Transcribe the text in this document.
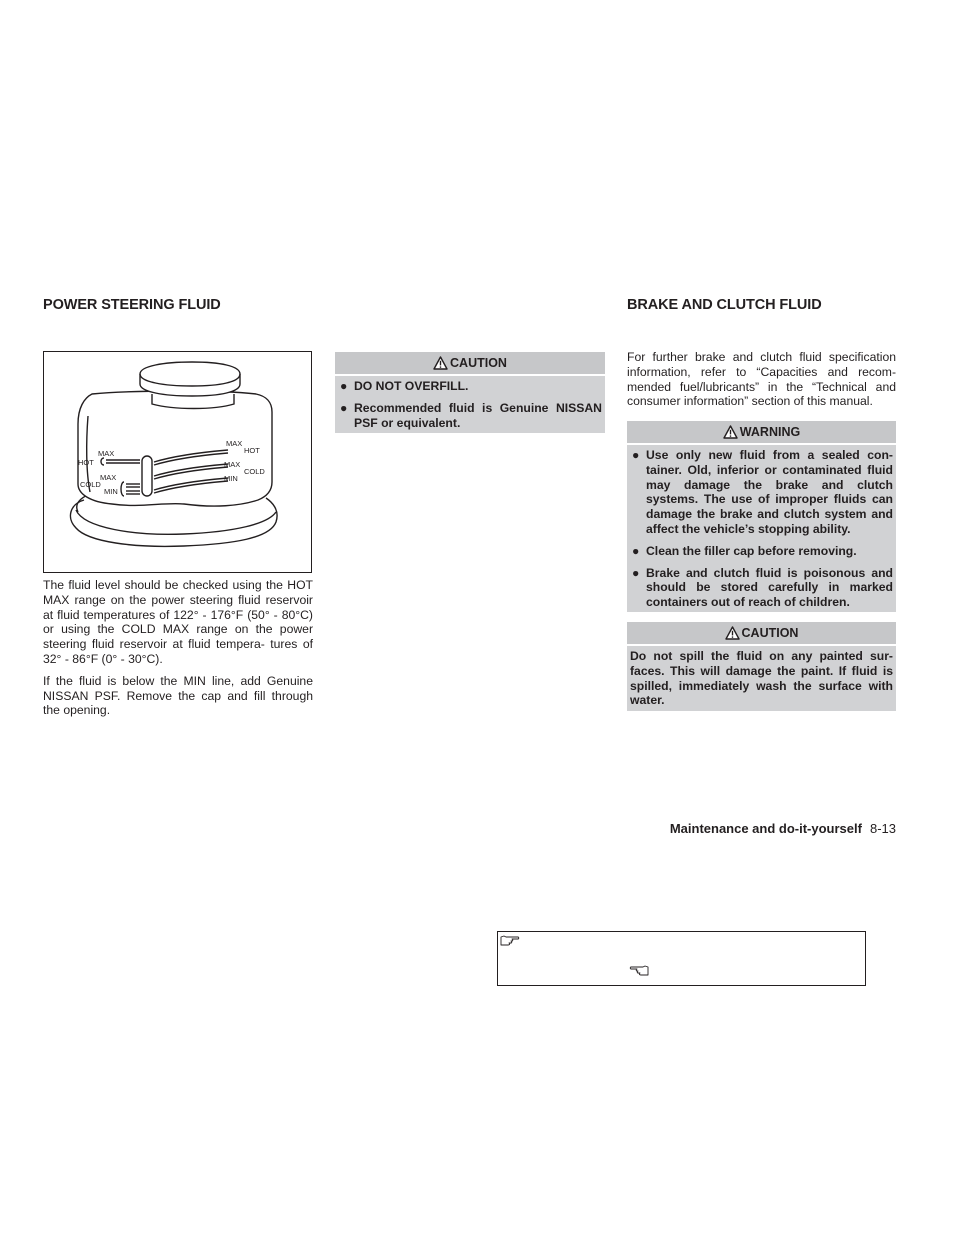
POWER STEERING FLUID
MAX
HOT
MAX
COLD
MIN
MAX
HOT
MAX
COLD
MIN

The fluid level should be checked using the HOT MAX range on the power steering fluid reservoir at fluid temperatures of 122° - 176°F (50° - 80°C) or using the COLD MAX range on the power steering fluid reservoir at fluid tempera- tures of 32° - 86°F (0° - 30°C).

If the fluid is below the MIN line, add Genuine NISSAN PSF. Remove the cap and fill through the opening.

CAUTION
● DO NOT OVERFILL.
● Recommended fluid is Genuine NISSAN PSF or equivalent.
BRAKE AND CLUTCH FLUID

For further brake and clutch fluid specification information, refer to “Capacities and recom- mended fuel/lubricants” in the “Technical and consumer information” section of this manual.

WARNING
● Use only new fluid from a sealed con- tainer. Old, inferior or contaminated fluid may damage the brake and clutch systems. The use of improper fluids can damage the brake and clutch system and affect the vehicle’s stopping ability.
● Clean the filler cap before removing.
● Brake and clutch fluid is poisonous and should be stored carefully in marked containers out of reach of children.
CAUTION

Do not spill the fluid on any painted sur- faces. This will damage the paint. If fluid is spilled, immediately wash the surface with water.

Maintenance and do-it-yourself 8-13
